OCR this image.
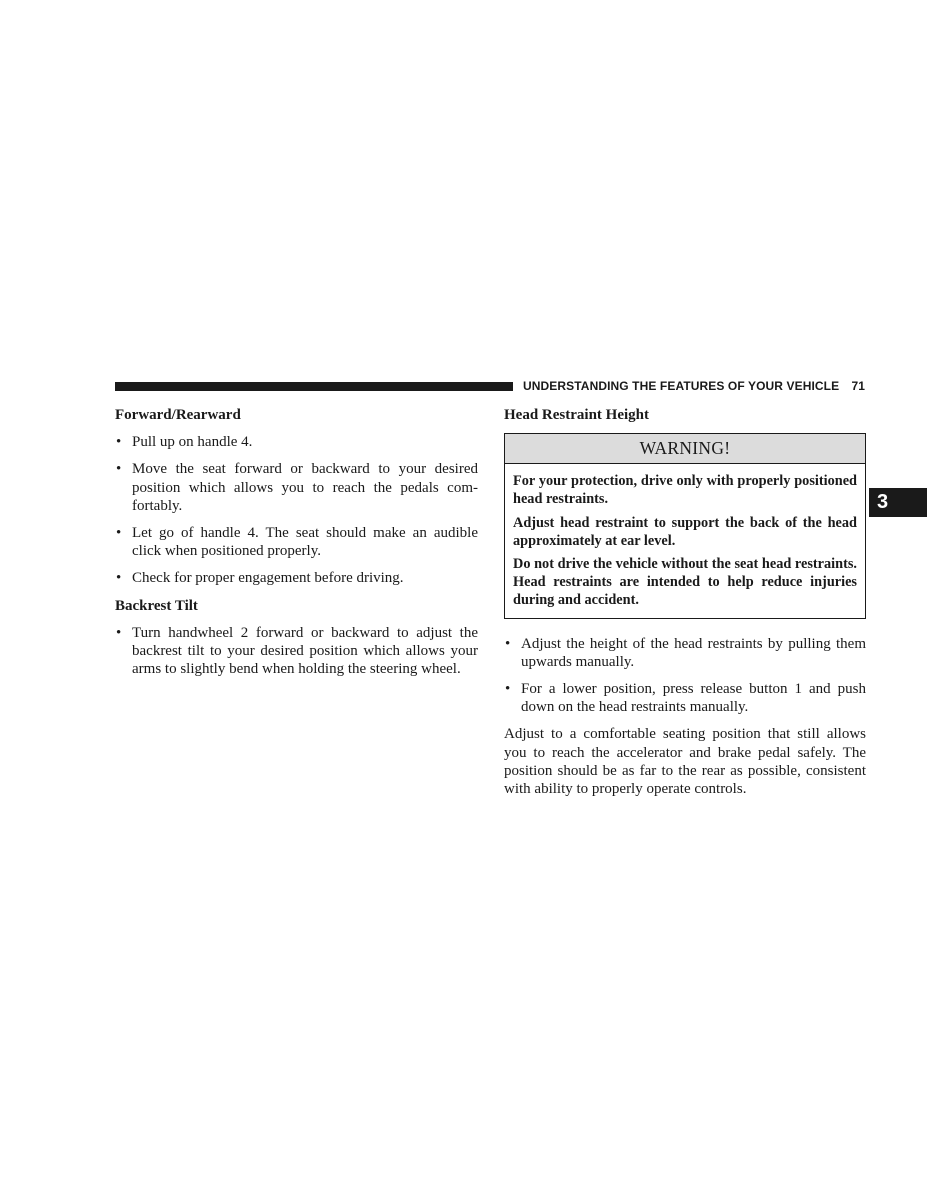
UNDERSTANDING THE FEATURES OF YOUR VEHICLE 71
3
Forward/Rearward
• Pull up on handle 4.
• Move the seat forward or backward to your desired position which allows you to reach the pedals comfortably.
• Let go of handle 4. The seat should make an audible click when positioned properly.
• Check for proper engagement before driving.
Backrest Tilt
• Turn handwheel 2 forward or backward to adjust the backrest tilt to your desired position which allows your arms to slightly bend when holding the steering wheel.
Head Restraint Height
WARNING!

For your protection, drive only with properly positioned head restraints.

Adjust head restraint to support the back of the head approximately at ear level.

Do not drive the vehicle without the seat head restraints. Head restraints are intended to help reduce injuries during and accident.

• Adjust the height of the head restraints by pulling them upwards manually.
• For a lower position, press release button 1 and push down on the head restraints manually.

Adjust to a comfortable seating position that still allows you to reach the accelerator and brake pedal safely. The position should be as far to the rear as possible, consistent with ability to properly operate controls.
